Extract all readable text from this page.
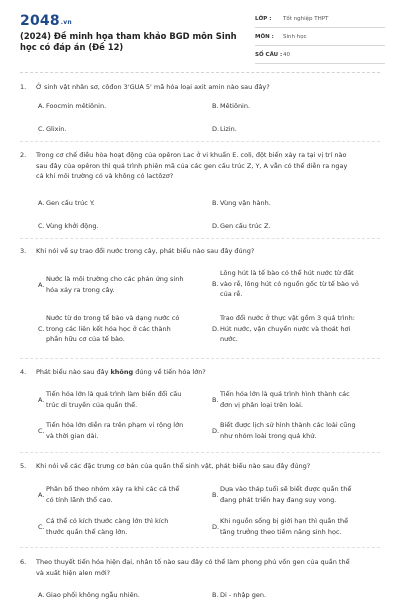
2048.vn
(2024) Đề minh họa tham khảo BGD môn Sinh học có đáp án (Đề 12)
LỚP : Tốt nghiệp THPT
MÔN : Sinh học
SỐ CÂU : 40
1.	Ở sinh vật nhân sơ, côđon 3'GUA 5' mã hóa loại axit amin nào sau đây?
A. Foocmin mêtiônin.	B. Mêtiônin.
C. Glixin.	D. Lizin.
2.	Trong cơ chế điều hòa hoạt động của opêron Lac ở vi khuẩn E. coli, đột biến xảy ra tại vị trí nào
sau đây của opêron thì quá trình phiên mã của các gen cấu trúc Z, Y, A vẫn có thể diễn ra ngay
cả khi môi trường có và không có lactôzơ?
A. Gen cấu trúc Y.	B. Vùng vận hành.
C. Vùng khởi động.	D. Gen cấu trúc Z.
3.	Khi nói về sự trao đổi nước trong cây, phát biểu nào sau đây đúng?
A.
Nước là môi trường cho các phản ứng sinh
hóa xảy ra trong cây.
B.
Lông hút là tế bào có thể hút nước từ đất
vào rễ, lông hút có nguồn gốc từ tế bào vỏ
của rễ.
C.
Nước từ do trong tế bào và dạng nước có
trong các liên kết hóa học ở các thành
phần hữu cơ của tế bào.
D.
Trao đổi nước ở thực vật gồm 3 quá trình:
Hút nước, vận chuyển nước và thoát hơi
nước.
4.	Phát biểu nào sau đây không đúng về tiến hóa lớn?
A.
Tiến hóa lớn là quá trình làm biến đổi cấu
trúc di truyền của quần thể.
B.
Tiến hóa lớn là quá trình hình thành các
đơn vị phân loại trên loài.
C.
Tiến hóa lớn diễn ra trên phạm vi rộng lớn
và thời gian dài.
D.
Biết được lịch sử hình thành các loài cũng
như nhóm loài trong quá khứ.
5.	Khi nói về các đặc trưng cơ bản của quần thể sinh vật, phát biểu nào sau đây đúng?
A.
Phân bố theo nhóm xảy ra khi các cá thể
có tính lãnh thổ cao.
B.
Dựa vào tháp tuổi sẽ biết được quần thể
đang phát triển hay đang suy vong.
C.
Cá thể có kích thước càng lớn thì kích
thước quần thể càng lớn.
D.
Khi nguồn sống bị giới hạn thì quần thể
tăng trưởng theo tiềm năng sinh học.
6.	Theo thuyết tiến hóa hiện đại, nhân tố nào sau đây có thể làm phong phú vốn gen của quần thể
và xuất hiện alen mới?
A. Giao phối không ngẫu nhiên.	B. Di - nhập gen.
